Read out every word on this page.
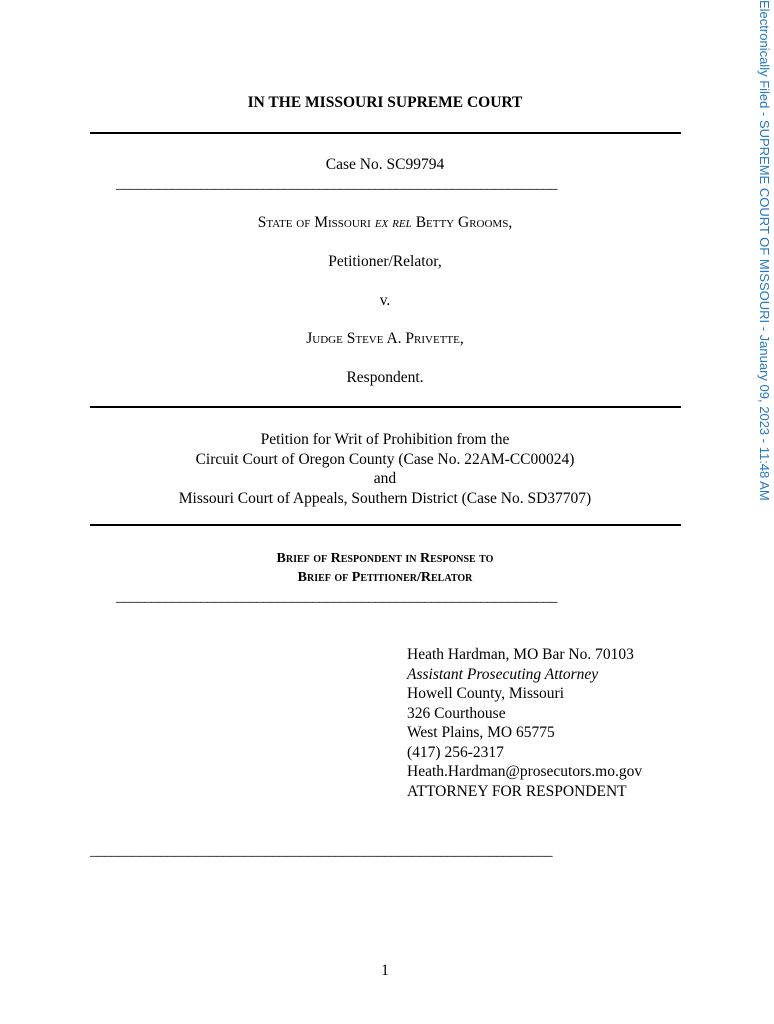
IN THE MISSOURI SUPREME COURT
Case No. SC99794
_______________________________________________________________
State of Missouri ex rel Betty Grooms,
Petitioner/Relator,
v.
Judge Steve A. Privette,
Respondent.
Petition for Writ of Prohibition from the
Circuit Court of Oregon County (Case No. 22AM-CC00024)
and
Missouri Court of Appeals, Southern District (Case No. SD37707)
Brief of Respondent in Response to
Brief of Petitioner/Relator
_______________________________________________________________
Heath Hardman, MO Bar No. 70103
Assistant Prosecuting Attorney
Howell County, Missouri
326 Courthouse
West Plains, MO 65775
(417) 256-2317
Heath.Hardman@prosecutors.mo.gov
ATTORNEY FOR RESPONDENT
__________________________________________________________________
1
Electronically Filed - SUPREME COURT OF MISSOURI - January 09, 2023 - 11:48 AM
